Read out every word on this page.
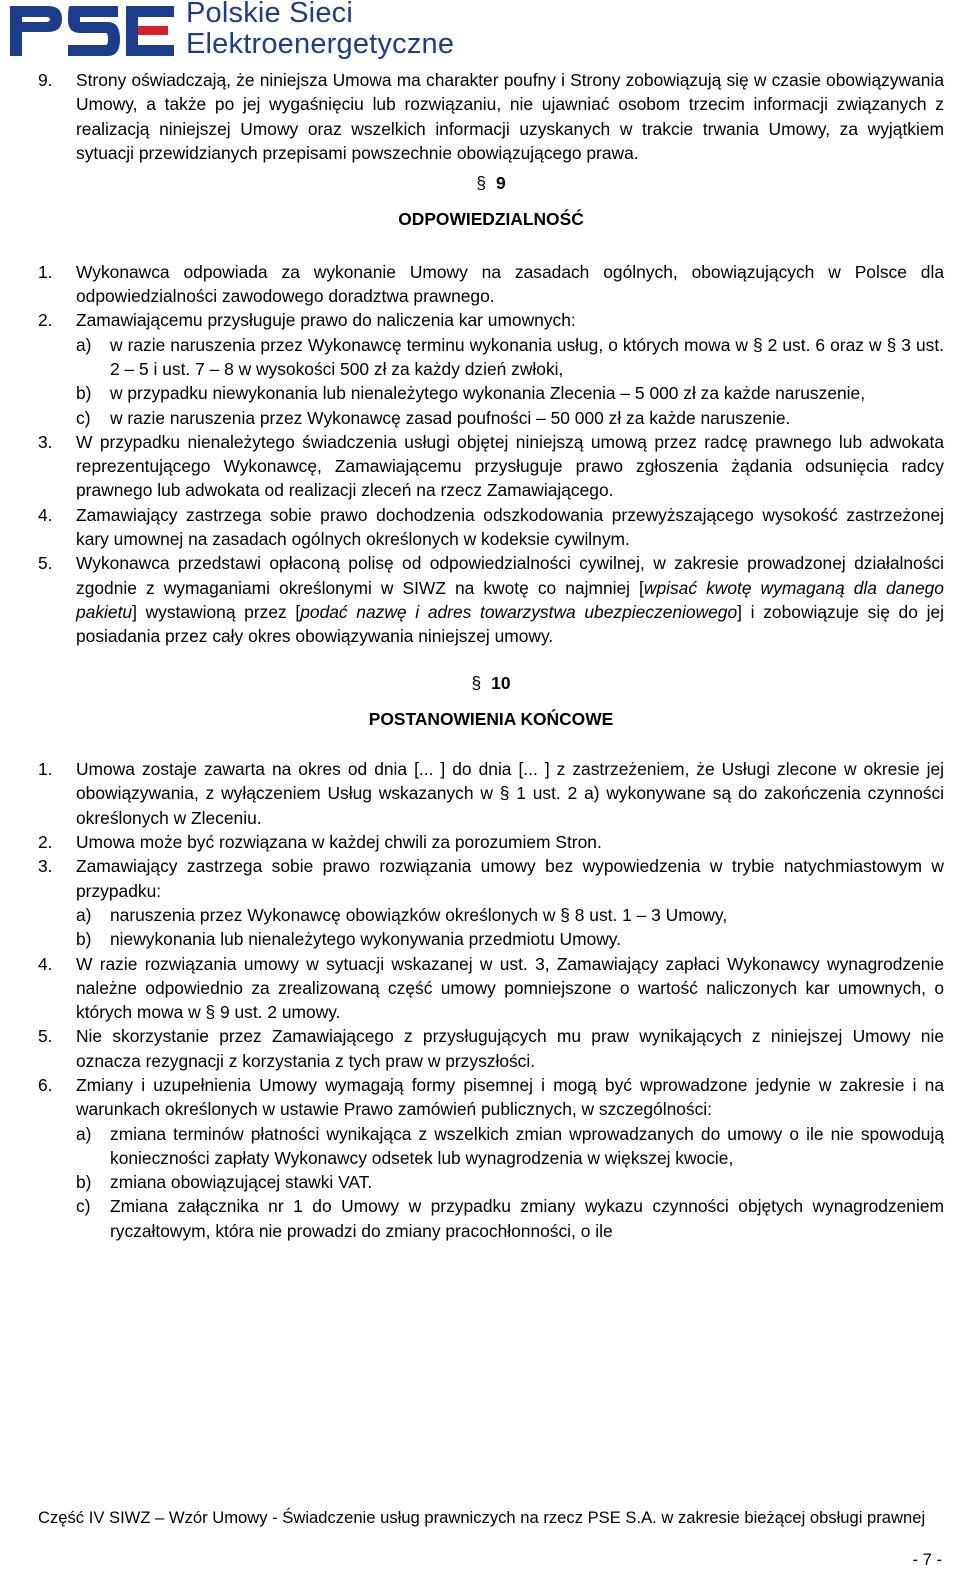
Polskie Sieci
Elektroenergetyczne
9. Strony oświadczają, że niniejsza Umowa ma charakter poufny i Strony zobowiązują się w czasie obowiązywania Umowy, a także po jej wygaśnięciu lub rozwiązaniu, nie ujawniać osobom trzecim informacji związanych z realizacją niniejszej Umowy oraz wszelkich informacji uzyskanych w trakcie trwania Umowy, za wyjątkiem sytuacji przewidzianych przepisami powszechnie obowiązującego prawa.
§ 9
ODPOWIEDZIALNOŚĆ
1. Wykonawca odpowiada za wykonanie Umowy na zasadach ogólnych, obowiązujących w Polsce dla odpowiedzialności zawodowego doradztwa prawnego.
2. Zamawiającemu przysługuje prawo do naliczenia kar umownych:
a) w razie naruszenia przez Wykonawcę terminu wykonania usług, o których mowa w § 2 ust. 6 oraz w § 3 ust. 2 – 5 i ust. 7 – 8 w wysokości 500 zł za każdy dzień zwłoki,
b) w przypadku niewykonania lub nienależytego wykonania Zlecenia – 5 000 zł za każde naruszenie,
c) w razie naruszenia przez Wykonawcę zasad poufności – 50 000 zł za każde naruszenie.
3. W przypadku nienależytego świadczenia usługi objętej niniejszą umową przez radcę prawnego lub adwokata reprezentującego Wykonawcę, Zamawiającemu przysługuje prawo zgłoszenia żądania odsunięcia radcy prawnego lub adwokata od realizacji zleceń na rzecz Zamawiającego.
4. Zamawiający zastrzega sobie prawo dochodzenia odszkodowania przewyższającego wysokość zastrzeżonej kary umownej na zasadach ogólnych określonych w kodeksie cywilnym.
5. Wykonawca przedstawi opłaconą polisę od odpowiedzialności cywilnej, w zakresie prowadzonej działalności zgodnie z wymaganiami określonymi w SIWZ na kwotę co najmniej [wpisać kwotę wymaganą dla danego pakietu] wystawioną przez [podać nazwę i adres towarzystwa ubezpieczeniowego] i zobowiązuje się do jej posiadania przez cały okres obowiązywania niniejszej umowy.
§ 10
POSTANOWIENIA KOŃCOWE
1. Umowa zostaje zawarta na okres od dnia [... ] do dnia [... ] z zastrzeżeniem, że Usługi zlecone w okresie jej obowiązywania, z wyłączeniem Usług wskazanych w § 1 ust. 2 a) wykonywane są do zakończenia czynności określonych w Zleceniu.
2. Umowa może być rozwiązana w każdej chwili za porozumiem Stron.
3. Zamawiający zastrzega sobie prawo rozwiązania umowy bez wypowiedzenia w trybie natychmiastowym w przypadku:
a) naruszenia przez Wykonawcę obowiązków określonych w § 8 ust. 1 – 3 Umowy,
b) niewykonania lub nienależytego wykonywania przedmiotu Umowy.
4. W razie rozwiązania umowy w sytuacji wskazanej w ust. 3, Zamawiający zapłaci Wykonawcy wynagrodzenie należne odpowiednio za zrealizowaną część umowy pomniejszone o wartość naliczonych kar umownych, o których mowa w § 9 ust. 2 umowy.
5. Nie skorzystanie przez Zamawiającego z przysługujących mu praw wynikających z niniejszej Umowy nie oznacza rezygnacji z korzystania z tych praw w przyszłości.
6. Zmiany i uzupełnienia Umowy wymagają formy pisemnej i mogą być wprowadzone jedynie w zakresie i na warunkach określonych w ustawie Prawo zamówień publicznych, w szczególności:
a) zmiana terminów płatności wynikająca z wszelkich zmian wprowadzanych do umowy o ile nie spowodują konieczności zapłaty Wykonawcy odsetek lub wynagrodzenia w większej kwocie,
b) zmiana obowiązującej stawki VAT.
c) Zmiana załącznika nr 1 do Umowy w przypadku zmiany wykazu czynności objętych wynagrodzeniem ryczałtowym, która nie prowadzi do zmiany pracochłonności, o ile
Część IV SIWZ – Wzór Umowy - Świadczenie usług prawniczych na rzecz PSE S.A. w zakresie bieżącej obsługi prawnej
- 7 -
